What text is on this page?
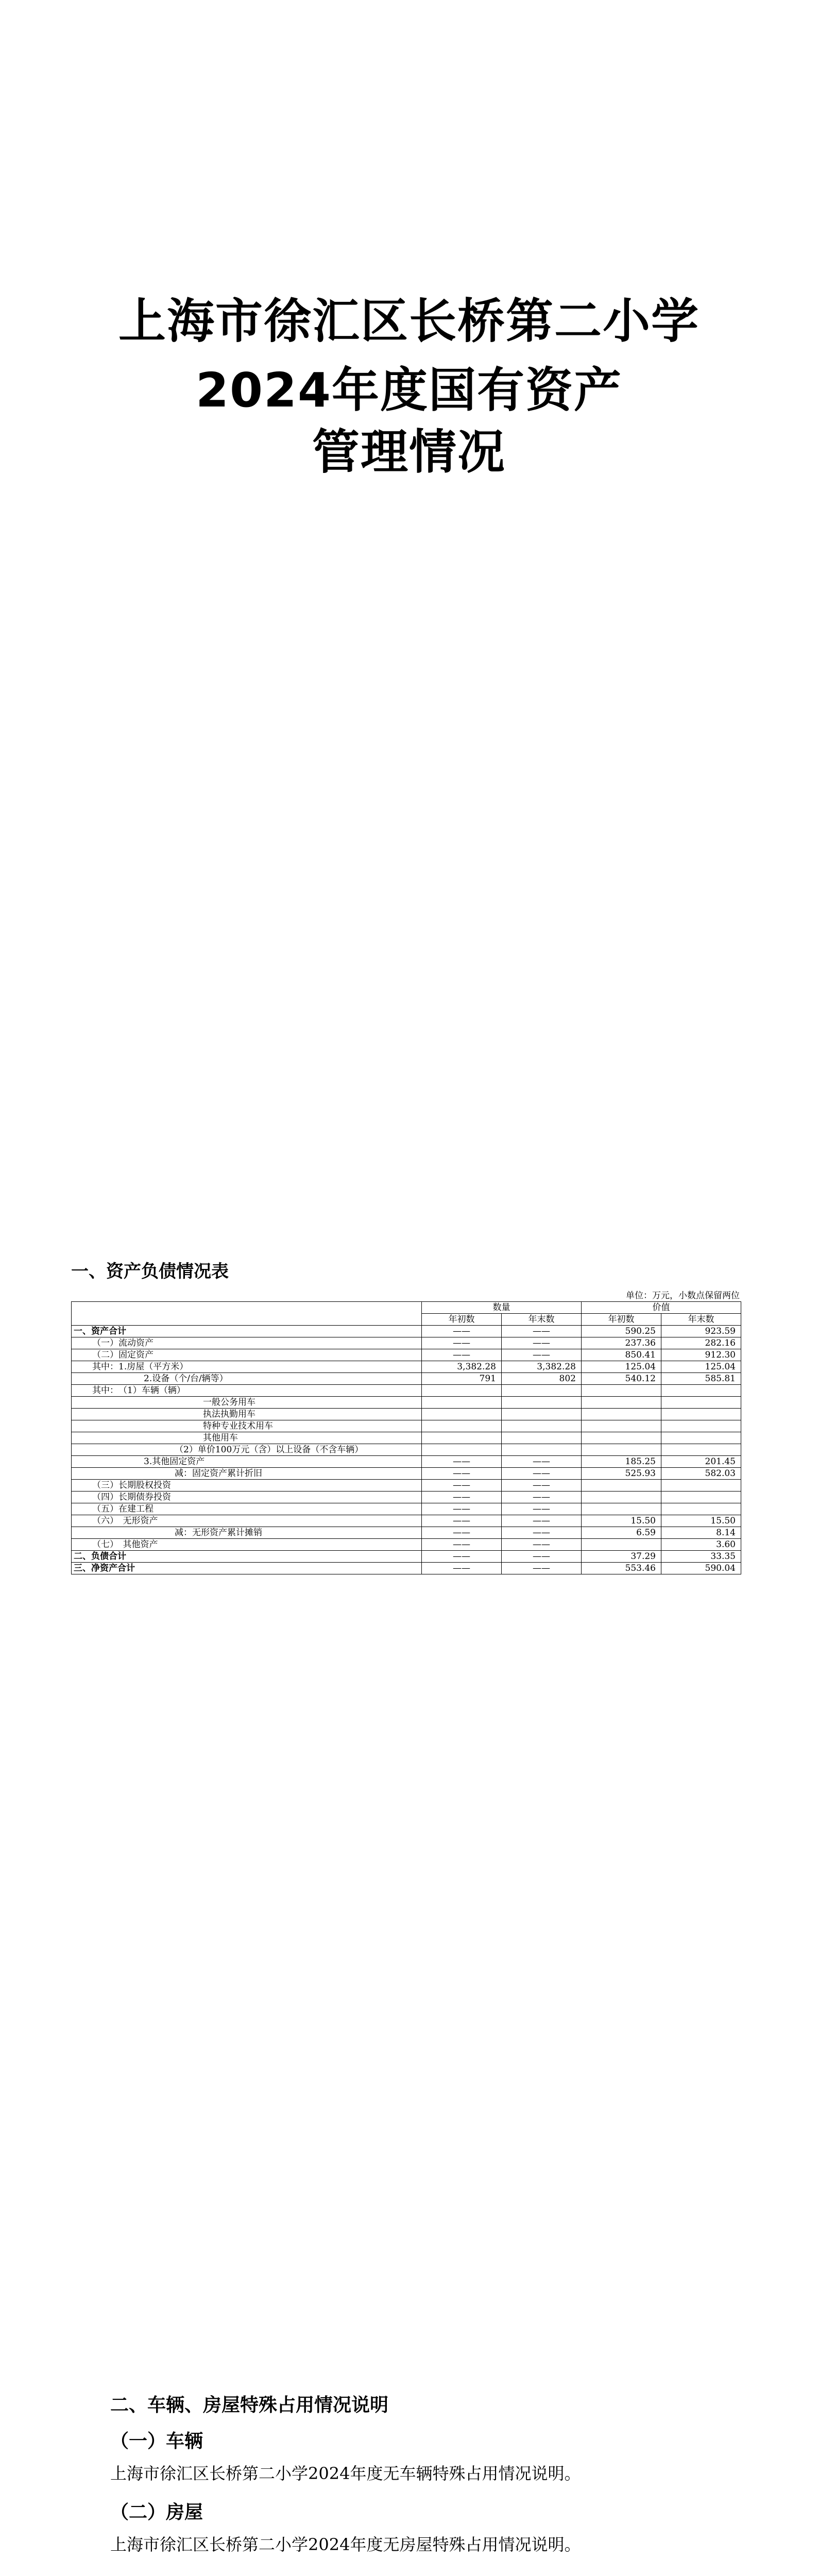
上海市徐汇区长桥第二小学
2024年度国有资产
管理情况
一、资产负债情况表
单位：万元，小数点保留两位
	数量		价值	
	年初数	年末数	年初数	年末数
一、资产合计	——	——	590.25	923.59
（一）流动资产	——	——	237.36	282.16
（二）固定资产	——	——	850.41	912.30
其中：1.房屋（平方米）	3,382.28	3,382.28	125.04	125.04
2.设备（个/台/辆等）	791	802	540.12	585.81
其中：　（1）车辆（辆）				
一般公务用车				
执法执勤用车				
特种专业技术用车				
其他用车				
（2）单价100万元（含）以上设备（不含车辆）				
3.其他固定资产	——	——	185.25	201.45
减：固定资产累计折旧	——	——	525.93	582.03
（三）长期股权投资	——	——		
（四）长期债券投资	——	——		
（五）在建工程	——	——		
（六）　无形资产	——	——	15.50	15.50
减：无形资产累计摊销	——	——	6.59	8.14
（七）　其他资产	——	——		3.60
二、负债合计	——	——	37.29	33.35
三、净资产合计	——	——	553.46	590.04
二、车辆、房屋特殊占用情况说明
（一）车辆
上海市徐汇区长桥第二小学2024年度无车辆特殊占用情况说明。
（二）房屋
上海市徐汇区长桥第二小学2024年度无房屋特殊占用情况说明。
